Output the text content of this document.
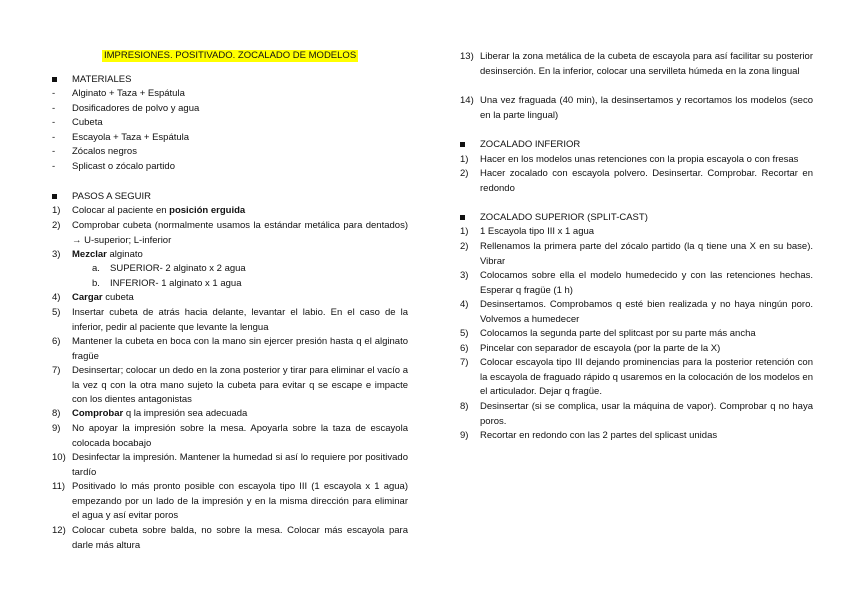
IMPRESIONES. POSITIVADO. ZOCALADO DE MODELOS
MATERIALES
-	Alginato + Taza + Espátula
-	Dosificadores de polvo y agua
-	Cubeta
-	Escayola + Taza + Espátula
-	Zócalos negros
-	Splicast o zócalo partido
PASOS A SEGUIR
1)	Colocar al paciente en posición erguida
2)	Comprobar cubeta (normalmente usamos la estándar metálica para dentados) → U-superior; L-inferior
3)	Mezclar alginato
a.	SUPERIOR- 2 alginato x 2 agua
b.	INFERIOR- 1 alginato x 1 agua
4)	Cargar cubeta
5)	Insertar cubeta de atrás hacia delante, levantar el labio. En el caso de la inferior, pedir al paciente que levante la lengua
6)	Mantener la cubeta en boca con la mano sin ejercer presión hasta q el alginato fragüe
7)	Desinsertar; colocar un dedo en la zona posterior y tirar para eliminar el vacío a la vez q con la otra mano sujeto la cubeta para evitar q se escape e impacte con los dientes antagonistas
8)	Comprobar q la impresión sea adecuada
9)	No apoyar la impresión sobre la mesa. Apoyarla sobre la taza de escayola colocada bocabajo
10) Desinfectar la impresión. Mantener la humedad si así lo requiere por positivado tardío
11) Positivado lo más pronto posible con escayola tipo III (1 escayola x 1 agua) empezando por un lado de la impresión y en la misma dirección para eliminar el agua y así evitar poros
12) Colocar cubeta sobre balda, no sobre la mesa. Colocar más escayola para darle más altura
13) Liberar la zona metálica de la cubeta de escayola para así facilitar su posterior desinserción. En la inferior, colocar una servilleta húmeda en la zona lingual
14) Una vez fraguada (40 min), la desinsertamos y recortamos los modelos (seco en la parte lingual)
ZOCALADO INFERIOR
1)	Hacer en los modelos unas retenciones con la propia escayola o con fresas
2)	Hacer zocalado con escayola polvero. Desinsertar. Comprobar. Recortar en redondo
ZOCALADO SUPERIOR (SPLIT-CAST)
1)	1 Escayola tipo III x 1 agua
2)	Rellenamos la primera parte del zócalo partido (la q tiene una X en su base). Vibrar
3)	Colocamos sobre ella el modelo humedecido y con las retenciones hechas. Esperar q fragüe (1 h)
4)	Desinsertamos. Comprobamos q esté bien realizada y no haya ningún poro. Volvemos a humedecer
5)	Colocamos la segunda parte del splitcast por su parte más ancha
6)	Pincelar con separador de escayola (por la parte de la X)
7)	Colocar escayola tipo III dejando prominencias para la posterior retención con la escayola de fraguado rápido q usaremos en la colocación de los modelos en el articulador. Dejar q fragüe.
8)	Desinsertar (si se complica, usar la máquina de vapor). Comprobar q no haya poros.
9)	Recortar en redondo con las 2 partes del splicast unidas
